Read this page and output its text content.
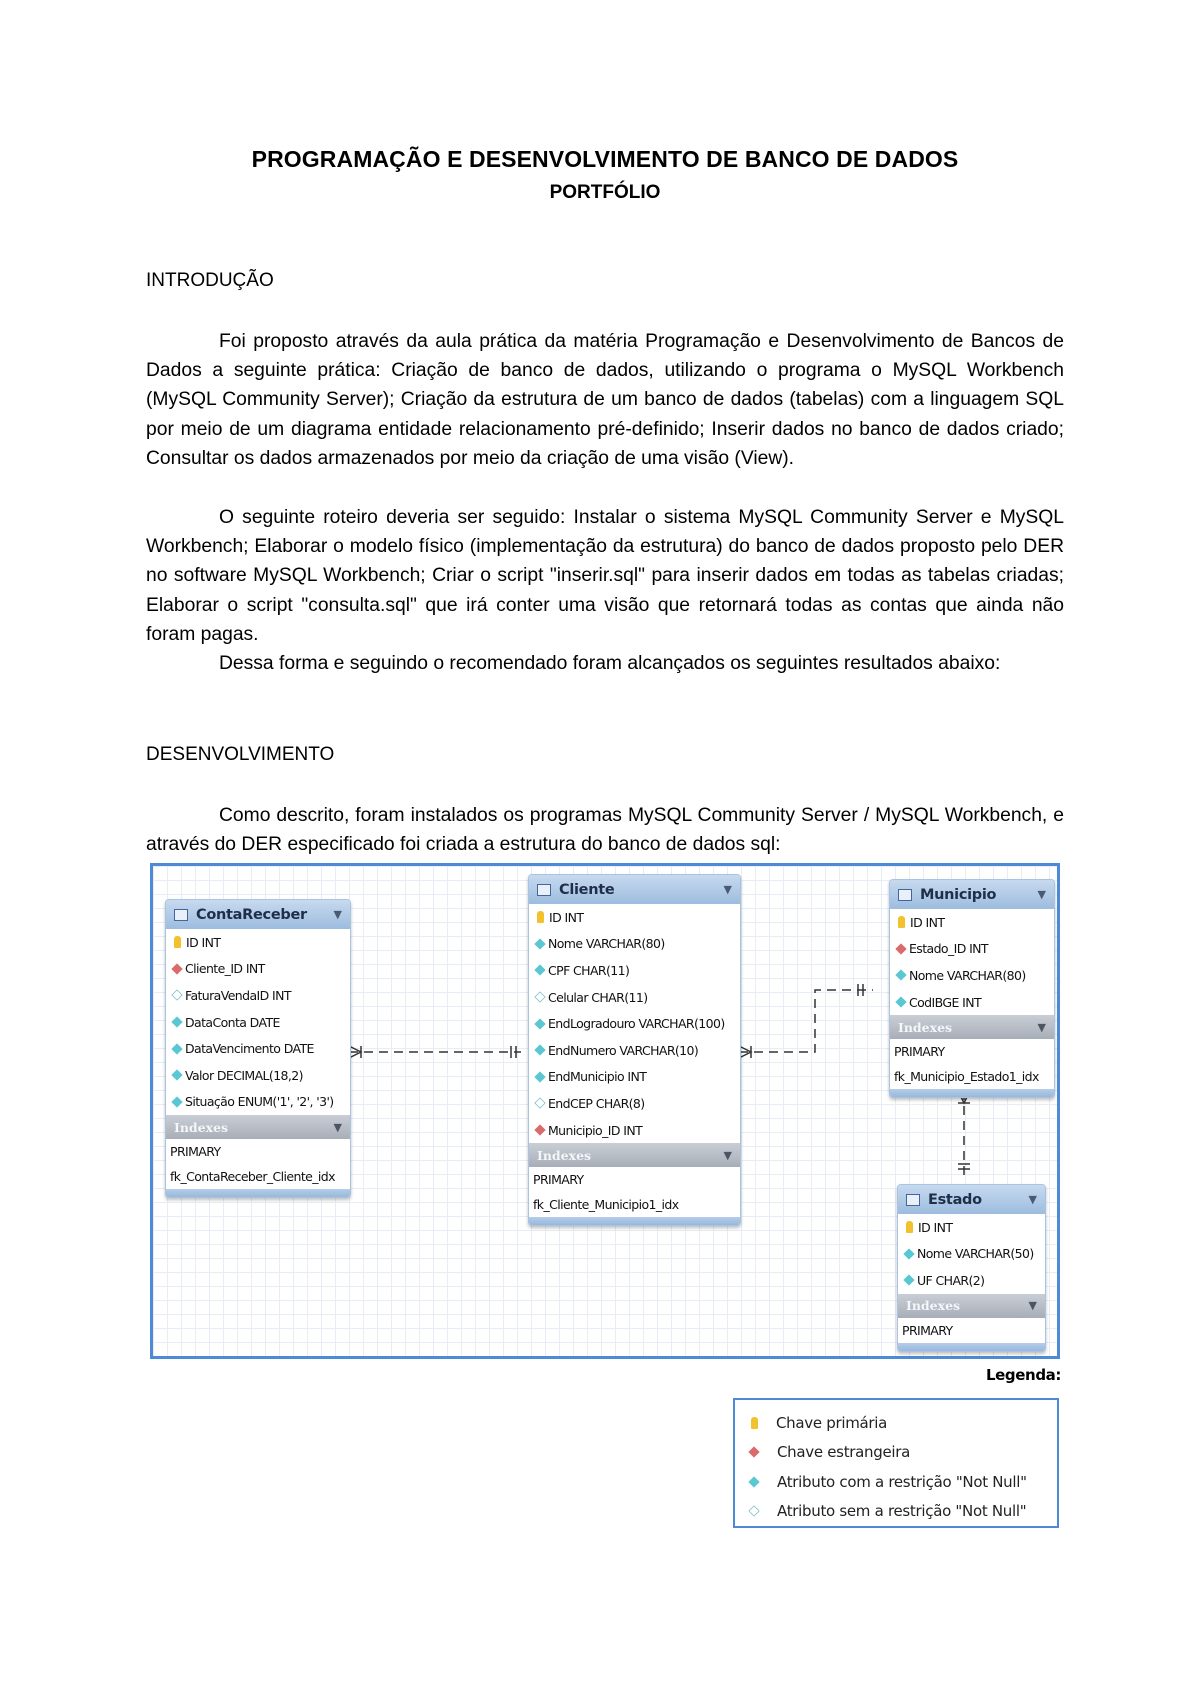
PROGRAMAÇÃO E DESENVOLVIMENTO DE BANCO DE DADOS
PORTFÓLIO
INTRODUÇÃO

Foi proposto através da aula prática da matéria Programação e Desenvolvimento de Bancos de Dados a seguinte prática: Criação de banco de dados, utilizando o programa o MySQL Workbench (MySQL Community Server); Criação da estrutura de um banco de dados (tabelas) com a linguagem SQL por meio de um diagrama entidade relacionamento pré-definido; Inserir dados no banco de dados criado; Consultar os dados armazenados por meio da criação de uma visão (View).

O seguinte roteiro deveria ser seguido: Instalar o sistema MySQL Community Server e MySQL Workbench; Elaborar o modelo físico (implementação da estrutura) do banco de dados proposto pelo DER no software MySQL Workbench; Criar o script "inserir.sql" para inserir dados em todas as tabelas criadas; Elaborar o script "consulta.sql" que irá conter uma visão que retornará todas as contas que ainda não foram pagas.

Dessa forma e seguindo o recomendado foram alcançados os seguintes resultados abaixo:

DESENVOLVIMENTO

Como descrito, foram instalados os programas MySQL Community Server / MySQL Workbench, e através do DER especificado foi criada a estrutura do banco de dados sql:

ContaReceber	▼
ID INT
Cliente_ID INT
FaturaVendaID INT
DataConta DATE
DataVencimento DATE
Valor DECIMAL(18,2)
Situação ENUM('1', '2', '3')
Indexes	▼
PRIMARY
fk_ContaReceber_Cliente_idx
Cliente	▼
ID INT
Nome VARCHAR(80)
CPF CHAR(11)
Celular CHAR(11)
EndLogradouro VARCHAR(100)
EndNumero VARCHAR(10)
EndMunicipio INT
EndCEP CHAR(8)
Municipio_ID INT
Indexes	▼
PRIMARY
fk_Cliente_Municipio1_idx
Municipio	▼
ID INT
Estado_ID INT
Nome VARCHAR(80)
CodIBGE INT
Indexes	▼
PRIMARY
fk_Municipio_Estado1_idx
Estado	▼
ID INT
Nome VARCHAR(50)
UF CHAR(2)
Indexes	▼
PRIMARY
Legenda:
Chave primária
Chave estrangeira
Atributo com a restrição "Not Null"
Atributo sem a restrição "Not Null"
